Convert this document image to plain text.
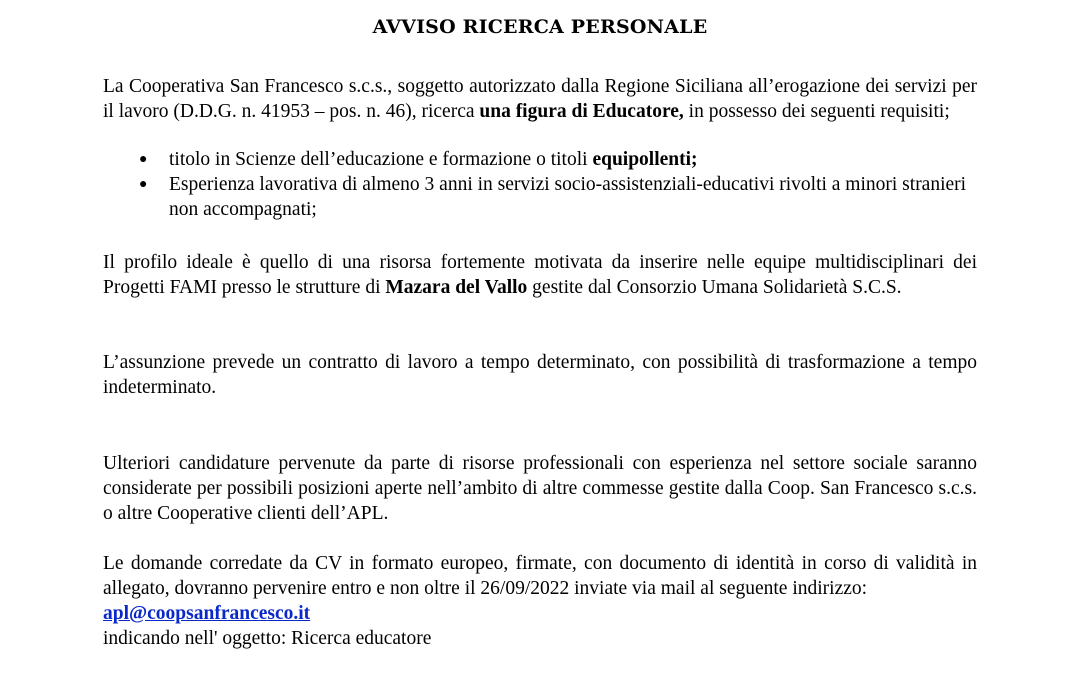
AVVISO RICERCA PERSONALE

La Cooperativa San Francesco s.c.s., soggetto autorizzato dalla Regione Siciliana all’erogazione dei servizi per il lavoro (D.D.G. n. 41953 – pos. n. 46), ricerca una figura di Educatore, in possesso dei seguenti requisiti;

● titolo in Scienze dell’educazione e formazione o titoli equipollenti;
● Esperienza lavorativa di almeno 3 anni in servizi socio-assistenziali-educativi rivolti a minori stranieri non accompagnati;

Il profilo ideale è quello di una risorsa fortemente motivata da inserire nelle equipe multidisciplinari dei Progetti FAMI presso le strutture di Mazara del Vallo gestite dal Consorzio Umana Solidarietà S.C.S.

L’assunzione prevede un contratto di lavoro a tempo determinato, con possibilità di trasformazione a tempo indeterminato.

Ulteriori candidature pervenute da parte di risorse professionali con esperienza nel settore sociale saranno considerate per possibili posizioni aperte nell’ambito di altre commesse gestite dalla Coop. San Francesco s.c.s. o altre Cooperative clienti dell’APL.

Le domande corredate da CV in formato europeo, firmate, con documento di identità in corso di validità in allegato, dovranno pervenire entro e non oltre il 26/09/2022 inviate via mail al seguente indirizzo:

apl@coopsanfrancesco.it

indicando nell' oggetto: Ricerca educatore
